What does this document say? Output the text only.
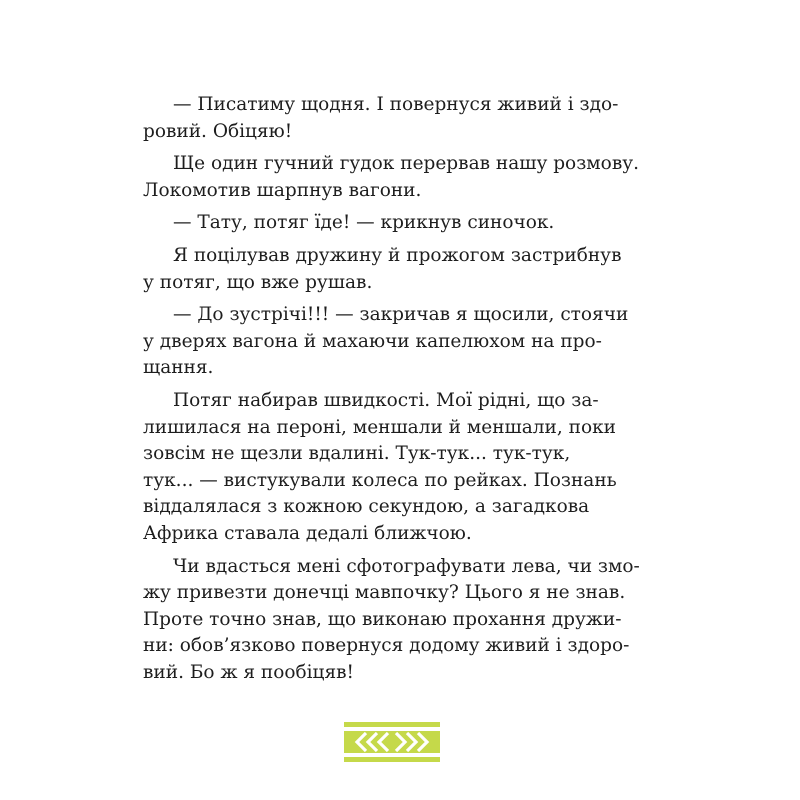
— Писатиму щодня. І повернуся живий і здо-
ровий. Обіцяю!
Ще один гучний гудок перервав нашу розмову.
Локомотив шарпнув вагони.
— Тату, потяг їде! — крикнув синочок.
Я поцілував дружину й прожогом застрибнув
у потяг, що вже рушав.
— До зустрічі!!! — закричав я щосили, стоячи
у дверях вагона й махаючи капелюхом на про-
щання.
Потяг набирав швидкості. Мої рідні, що за-
лишилася на пероні, меншали й меншали, поки
зовсім не щезли вдалині. Тук-тук... тук-тук,
тук... — вистукували колеса по рейках. Познань
віддалялася з кожною секундою, а загадкова
Африка ставала дедалі ближчою.
Чи вдасться мені сфотографувати лева, чи змо-
жу привезти донечці мавпочку? Цього я не знав.
Проте точно знав, що виконаю прохання дружи-
ни: обов’язково повернуся додому живий і здоро-
вий. Бо ж я пообіцяв!
